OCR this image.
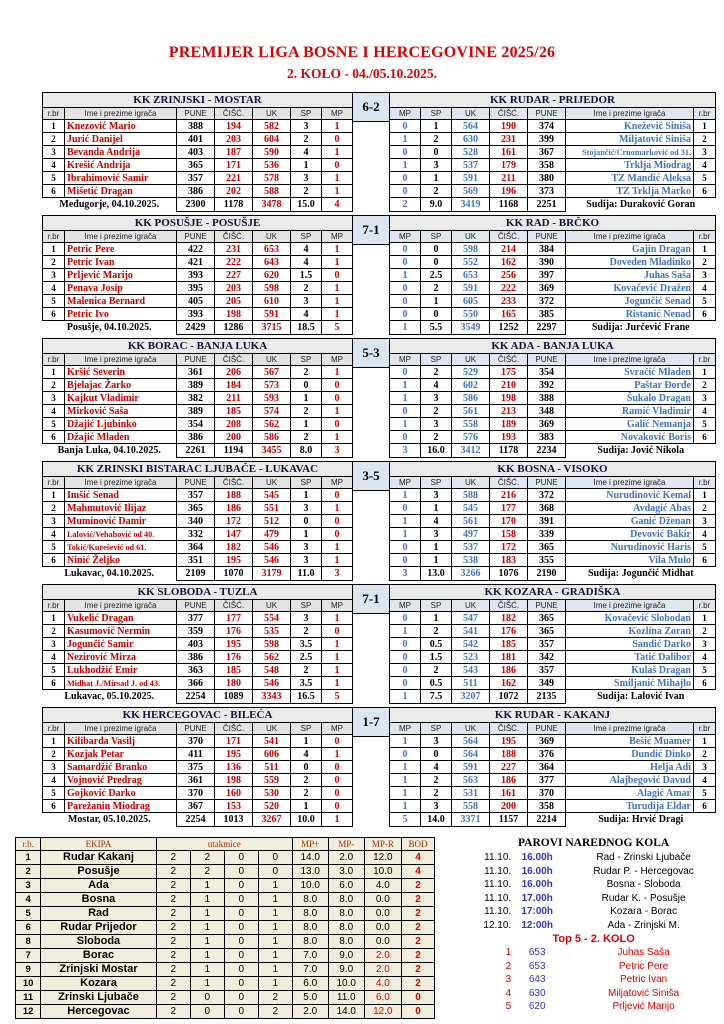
PREMIJER LIGA BOSNE I HERCEGOVINE 2025/26
2. KOLO - 04./05.10.2025.
KK ZRINJSKI - MOSTAR						
r.br	Ime i prezime igrača	PUNE	ČIŠĆ.	UK	SP	MP
1	Knezović Mario	388	194	582	3	1
2	Jurić Danijel	401	203	604	2	0
3	Bevanda Andrija	403	187	590	4	1
4	Krešić Andrija	365	171	536	1	0
5	Ibrahimović Samir	357	221	578	3	1
6	Mišetić Dragan	386	202	588	2	1
Međugorje, 04.10.2025.		2300	1178	3478	15.0	4
6-2	KK RUDAR - PRIJEDOR						
MP	SP	UK	ČIŠĆ.	PUNE	Ime i prezime igrača	r.br
0	1	564	190	374	Knežević Siniša	1
1	2	630	231	399	Miljatović Siniša	2
0	0	528	161	367	Stojančić/Crnomarković od 31.	3
1	3	537	179	358	Trklja Miodrag	4
0	1	591	211	380	TZ Mandić Aleksa	5
0	2	569	196	373	TZ Trklja Marko	6
2	9.0	3419	1168	2251	Sudija: Duraković Goran	
KK POSUŠJE - POSUŠJE						
r.br	Ime i prezime igrača	PUNE	ČIŠĆ.	UK	SP	MP
1	Petric Pere	422	231	653	4	1
2	Petric Ivan	421	222	643	4	1
3	Prljević Marijo	393	227	620	1.5	0
4	Penava Josip	395	203	598	2	1
5	Malenica Bernard	405	205	610	3	1
6	Petric Ivo	393	198	591	4	1
Posušje, 04.10.2025.		2429	1286	3715	18.5	5
7-1	KK RAD - BRČKO						
MP	SP	UK	ČIŠĆ.	PUNE	Ime i prezime igrača	r.br
0	0	598	214	384	Gajin Dragan	1
0	0	552	162	390	Doveden Mladinko	2
1	2.5	653	256	397	Juhas Saša	3
0	2	591	222	369	Kovačević Dražen	4
0	1	605	233	372	Jogunčić Senad	5
0	0	550	165	385	Ristanić Nenad	6
1	5.5	3549	1252	2297	Sudija: Jurčević Frane	
KK BORAC - BANJA LUKA						
r.br	Ime i prezime igrača	PUNE	ČIŠĆ.	UK	SP	MP
1	Kršić Severin	361	206	567	2	1
2	Bjelajac Žarko	389	184	573	0	0
3	Kajkut Vladimir	382	211	593	1	0
4	Mirković Saša	389	185	574	2	1
5	Džajić Ljubinko	354	208	562	1	0
6	Džajić Mladen	386	200	586	2	1
Banja Luka, 04.10.2025.		2261	1194	3455	8.0	3
5-3	KK ADA - BANJA LUKA						
MP	SP	UK	ČIŠĆ.	PUNE	Ime i prezime igrača	r.br
0	2	529	175	354	Svračić Mladen	1
1	4	602	210	392	Paštar Đorđe	2
1	3	586	198	388	Šukalo Dragan	3
0	2	561	213	348	Ramić Vladimir	4
1	3	558	189	369	Galić Nemanja	5
0	2	576	193	383	Novaković Boris	6
3	16.0	3412	1178	2234	Sudija: Jović Nikola	
KK ZRINSKI BISTARAC LJUBAČE - LUKAVAC						
r.br	Ime i prezime igrača	PUNE	ČIŠĆ.	UK	SP	MP
1	Imšić Senad	357	188	545	1	0
2	Mahmutović Ilijaz	365	186	551	3	1
3	Muminović Damir	340	172	512	0	0
4	Lalović/Vehabović od 40.	332	147	479	1	0
5	Tokić/Kurešević od 61.	364	182	546	3	1
6	Ninić Željko	351	195	546	3	1
Lukavac, 04.10.2025.		2109	1070	3179	11.0	3
3-5	KK BOSNA - VISOKO						
MP	SP	UK	ČIŠĆ.	PUNE	Ime i prezime igrača	r.br
1	3	588	216	372	Nurudinović Kemal	1
0	1	545	177	368	Avdagić Abas	2
1	4	561	170	391	Ganić Dženan	3
1	3	497	158	339	Devović Bakir	4
0	1	537	172	365	Nurudinović Haris	5
0	1	538	183	355	Vila Mulo	6
3	13.0	3266	1076	2190	Sudija: Jogunčić Midhat	
KK SLOBODA - TUZLA						
r.br	Ime i prezime igrača	PUNE	ČIŠĆ.	UK	SP	MP
1	Vukelić Dragan	377	177	554	3	1
2	Kasumović Nermin	359	176	535	2	0
3	Jogunčić Samir	403	195	598	3.5	1
4	Nezirović Mirza	386	176	562	2.5	1
5	Lukhodžić Emir	363	185	548	2	1
6	Midhat J./Mirsad J. od 43.	366	180	546	3.5	1
Lukavac, 05.10.2025.		2254	1089	3343	16.5	5
7-1	KK KOZARA - GRADIŠKA						
MP	SP	UK	ČIŠĆ.	PUNE	Ime i prezime igrača	r.br
0	1	547	182	365	Kovačević Slobodan	1
1	2	541	176	365	Kozlina Zoran	2
0	0.5	542	185	357	Sandić Darko	3
0	1.5	523	181	342	Tatić Dalibor	4
0	2	543	186	357	Kulaš Dragan	5
0	0.5	511	162	349	Smiljanić Mihajlo	6
1	7.5	3207	1072	2135	Sudija: Lalović Ivan	
KK HERCEGOVAC - BILEĆA						
r.br	Ime i prezime igrača	PUNE	ČIŠĆ.	UK	SP	MP
1	Kilibarda Vasilj	370	171	541	1	0
2	Kozjak Petar	411	195	606	4	1
3	Samardžić Branko	375	136	511	0	0
4	Vojnović Predrag	361	198	559	2	0
5	Gojković Darko	370	160	530	2	0
6	Parežanin Miodrag	367	153	520	1	0
Mostar, 05.10.2025.		2254	1013	3267	10.0	1
1-7	KK RUDAR - KAKANJ						
MP	SP	UK	ČIŠĆ.	PUNE	Ime i prezime igrača	r.br
1	3	564	195	369	Bešić Muamer	1
0	0	564	188	376	Dundić Dinko	2
1	4	591	227	364	Helja Adi	3
1	2	563	186	377	Alajbegović Davud	4
1	2	531	161	370	Alagić Amar	5
1	3	558	200	358	Turudija Eldar	6
5	14.0	3371	1157	2214	Sudija: Hrvić Dragi	
r.b.	EKIPA	utakmice				MP+	MP-	MP-R	BOD
1	Rudar Kakanj	2	2	0	0	14.0	2.0	12.0	4
2	Posušje	2	2	0	0	13.0	3.0	10.0	4
3	Ada	2	1	0	1	10.0	6.0	4.0	2
4	Bosna	2	1	0	1	8.0	8.0	0.0	2
5	Rad	2	1	0	1	8.0	8.0	0.0	2
6	Rudar Prijedor	2	1	0	1	8.0	8.0	0.0	2
8	Sloboda	2	1	0	1	8.0	8.0	0.0	2
7	Borac	2	1	0	1	7.0	9.0	2.0	2
9	Zrinjski Mostar	2	1	0	1	7.0	9.0	2.0	2
10	Kozara	2	1	0	1	6.0	10.0	4.0	2
11	Zrinski Ljubače	2	0	0	2	5.0	11.0	6.0	0
12	Hercegovac	2	0	0	2	2.0	14.0	12.0	0
PAROVI NAREDNOG KOLA
11.10.	16.00h	Rad - Zrinski Ljubače
11.10.	16.00h	Rudar P. - Hercegovac
11.10.	16.00h	Bosna - Sloboda
11.10.	17.00h	Rudar K. - Posušje
11.10.	17:00h	Kozara - Borac
12.10.	12:00h	Ada - Zrinjski M.
Top 5 - 2. KOLO
1	653	Juhas Saša
2	653	Petric Pere
3	643	Petric Ivan
4	630	Miljatović Siniša
5	620	Prljević Marijo
